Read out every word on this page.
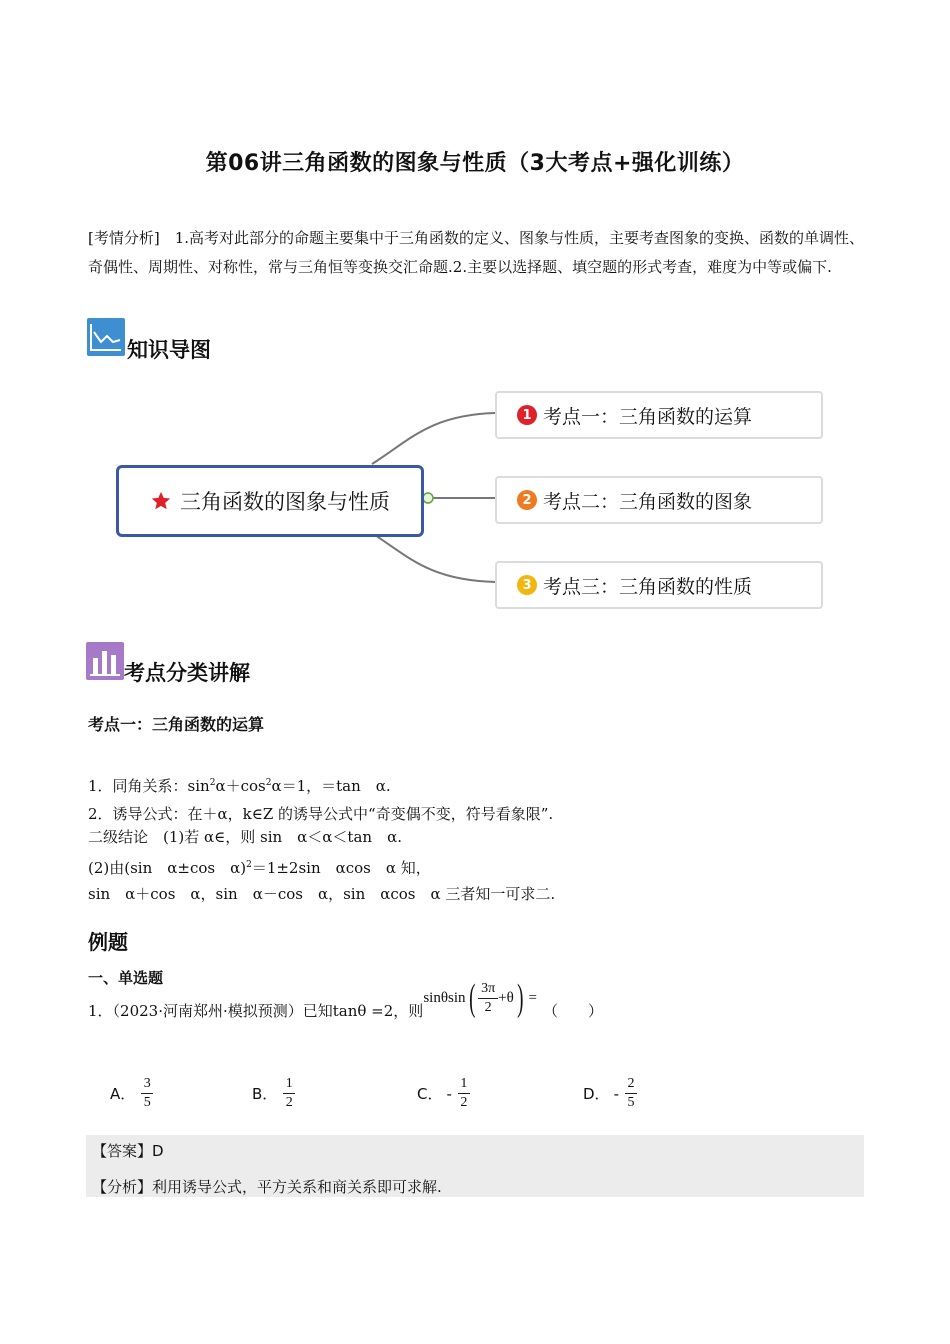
第06讲三角函数的图象与性质（3大考点+强化训练）
[考情分析]　1.高考对此部分的命题主要集中于三角函数的定义、图象与性质，主要考查图象的变换、函数的单调性、奇偶性、周期性、对称性，常与三角恒等变换交汇命题.2.主要以选择题、填空题的形式考查，难度为中等或偏下.
知识导图
三角函数的图象与性质
1 考点一：三角函数的运算
2 考点二：三角函数的图象
3 考点三：三角函数的性质
考点分类讲解
考点一：三角函数的运算
1．同角关系：$\sin^2\alpha+\cos^2\alpha=1$，＝tan　α.
2．诱导公式：在＋α，k∈Z 的诱导公式中“奇变偶不变，符号看象限”.
二级结论　(1)若 α∈，则 sin　α＜α＜tan　α.
(2)由(sin　α±cos　α)$^2$＝1±2sin　αcos　α 知，
sin　α＋cos　α，sin　α－cos　α，sin　αcos　α 三者知一可求二.
例题
一、单选题
1．（2023·河南郑州·模拟预测）已知tanθ =2，则
sinθsin ( $\frac{3\pi}{2} +\theta$ ) =
（　　）
A． $\frac{3}{5}$	B． $\frac{1}{2}$	C． - $\frac{1}{2}$	D． - $\frac{2}{5}$
【答案】D
【分析】利用诱导公式，平方关系和商关系即可求解.
